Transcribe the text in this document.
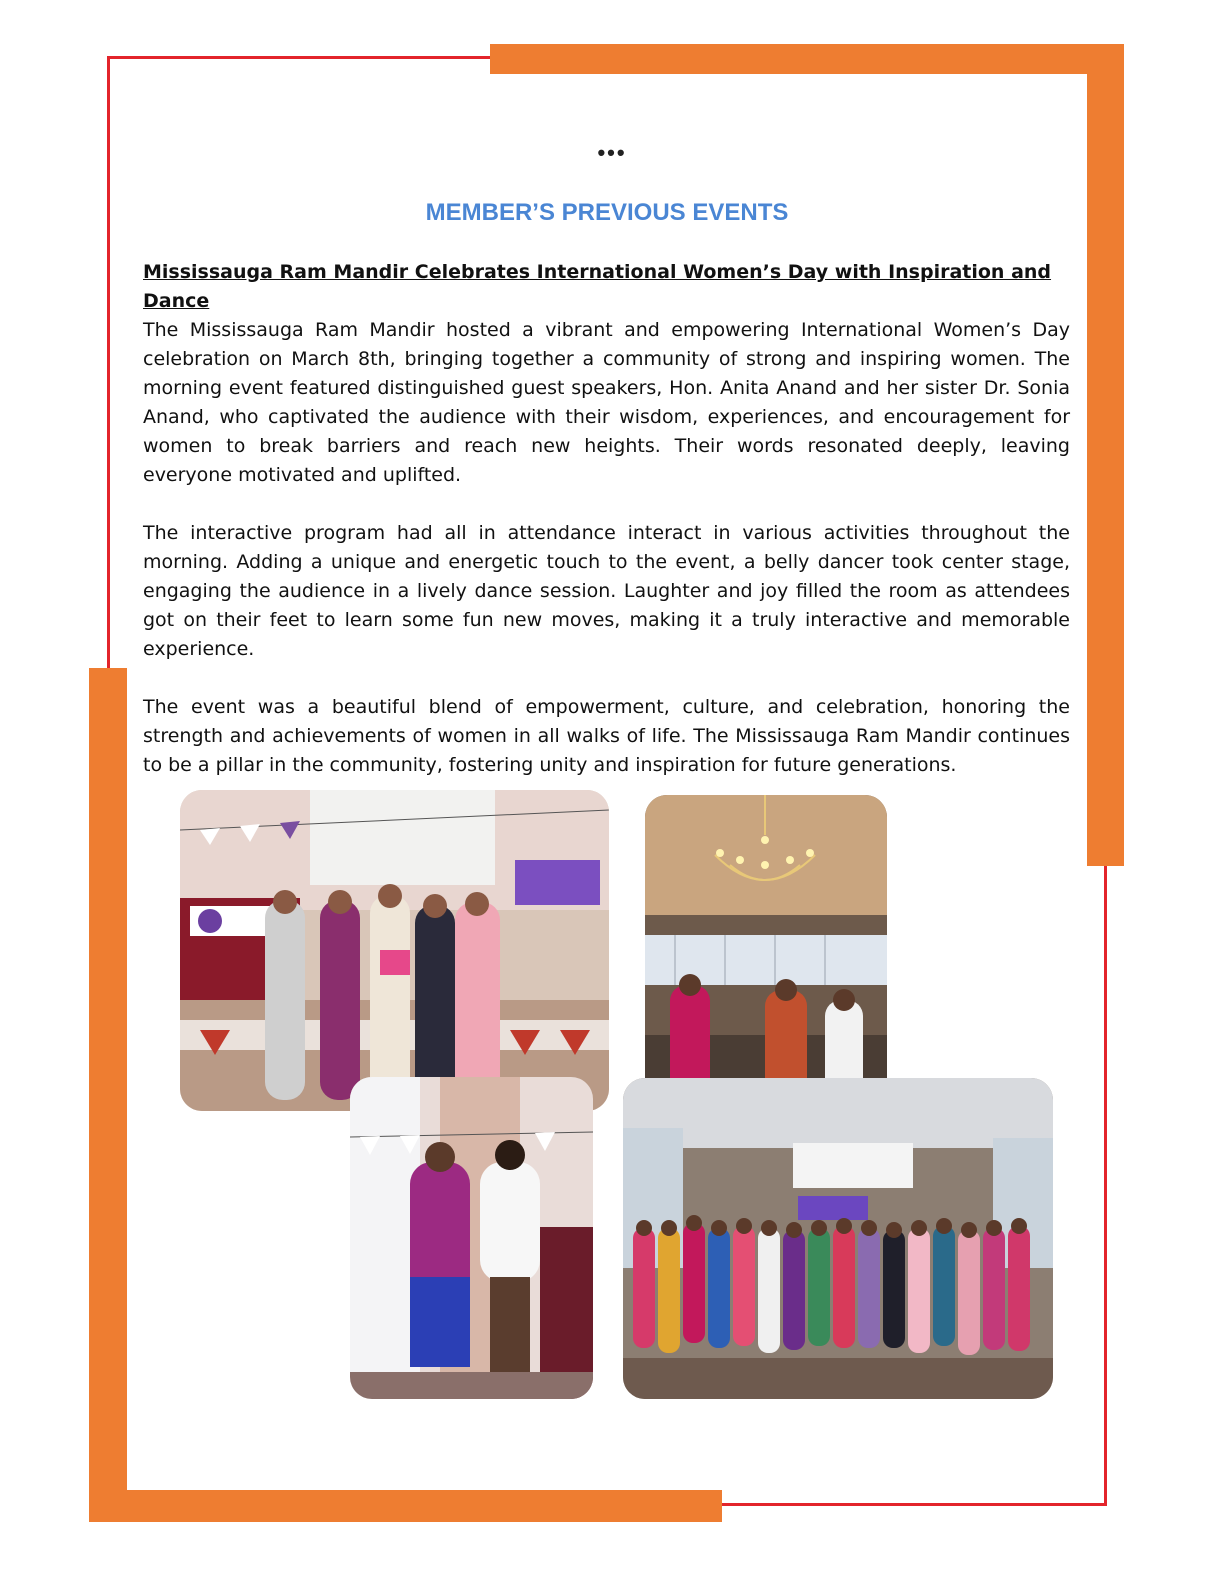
•••
MEMBER’S PREVIOUS EVENTS

Mississauga Ram Mandir Celebrates International Women’s Day with Inspiration and Dance

The Mississauga Ram Mandir hosted a vibrant and empowering International Women’s Day celebration on March 8th, bringing together a community of strong and inspiring women. The morning event featured distinguished guest speakers, Hon. Anita Anand and her sister Dr. Sonia Anand, who captivated the audience with their wisdom, experiences, and encouragement for women to break barriers and reach new heights. Their words resonated deeply, leaving everyone motivated and uplifted.

The interactive program had all in attendance interact in various activities throughout the morning. Adding a unique and energetic touch to the event, a belly dancer took center stage, engaging the audience in a lively dance session. Laughter and joy filled the room as attendees got on their feet to learn some fun new moves, making it a truly interactive and memorable experience.

The event was a beautiful blend of empowerment, culture, and celebration, honoring the strength and achievements of women in all walks of life. The Mississauga Ram Mandir continues to be a pillar in the community, fostering unity and inspiration for future generations.
